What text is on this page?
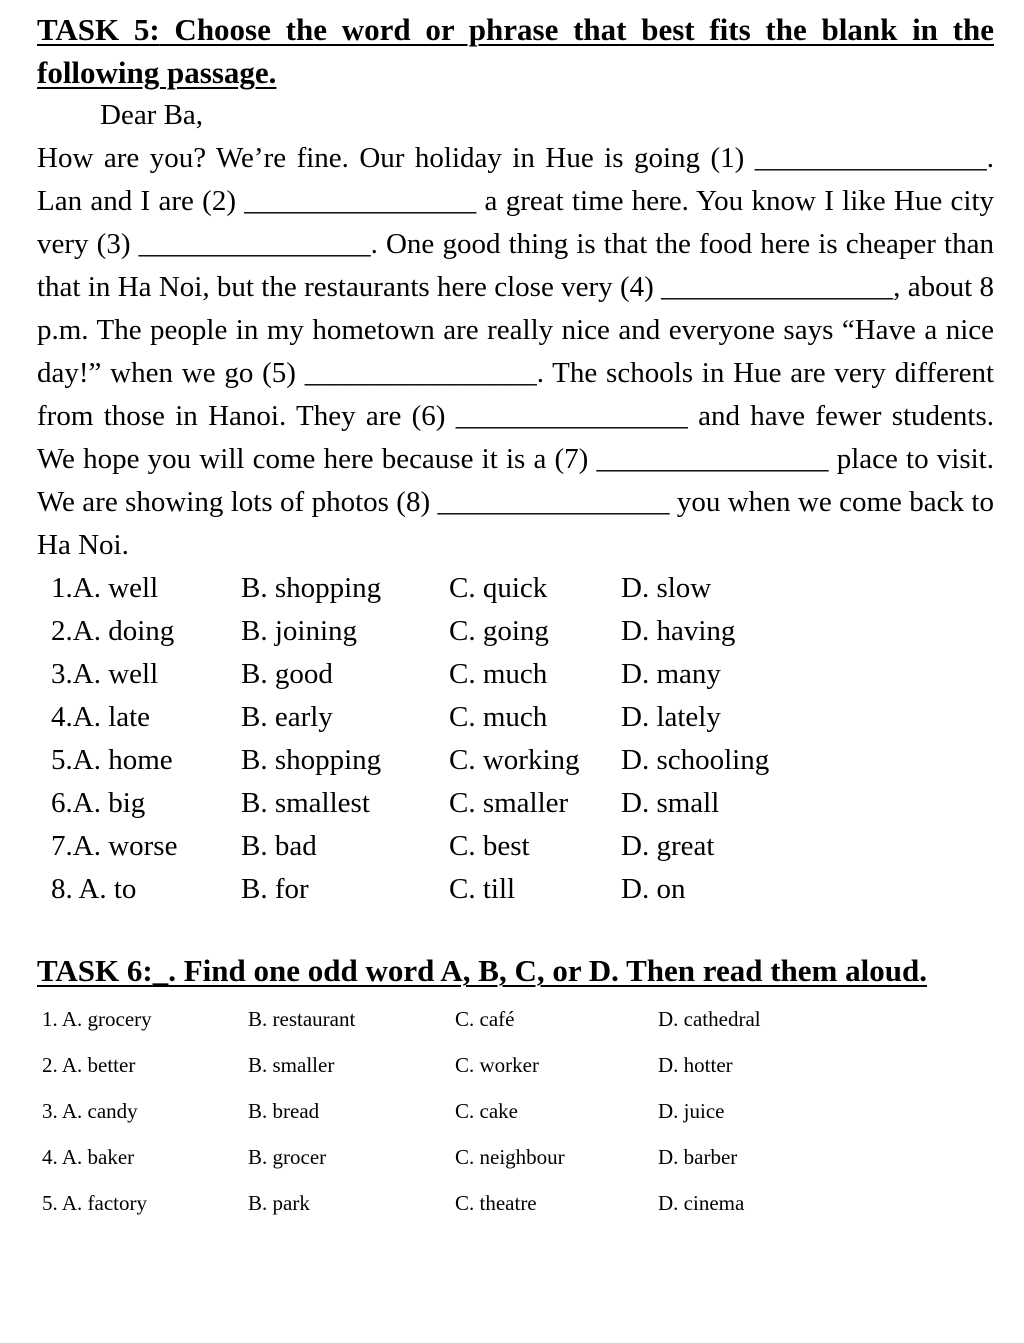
TASK 5: Choose the word or phrase that best fits the blank in the following passage.

Dear Ba,

How are you? We’re fine. Our holiday in Hue is going (1) ________________. Lan and I are (2) ________________ a great time here. You know I like Hue city very (3) ________________. One good thing is that the food here is cheaper than that in Ha Noi, but the restaurants here close very (4) ________________, about 8 p.m. The people in my hometown are really nice and everyone says “Have a nice day!” when we go (5) ________________. The schools in Hue are very different from those in Hanoi. They are (6) ________________ and have fewer students. We hope you will come here because it is a (7) ________________ place to visit. We are showing lots of photos (8) ________________ you when we come back to Ha Noi.

1.A. well	B. shopping	C. quick	D. slow
2.A. doing	B. joining	C. going	D. having
3.A. well	B. good	C. much	D. many
4.A. late	B. early	C. much	D. lately
5.A. home	B. shopping	C. working	D. schooling
6.A. big	B. smallest	C. smaller	D. small
7.A. worse	B. bad	C. best	D. great
8. A. to	B. for	C. till	D. on
TASK 6:_. Find one odd word A, B, C, or D. Then read them aloud.
1. A. grocery	B. restaurant	C. café	D. cathedral
2. A. better	B. smaller	C. worker	D. hotter
3. A. candy	B. bread	C. cake	D. juice
4. A. baker	B. grocer	C. neighbour	D. barber
5. A. factory	B. park	C. theatre	D. cinema
